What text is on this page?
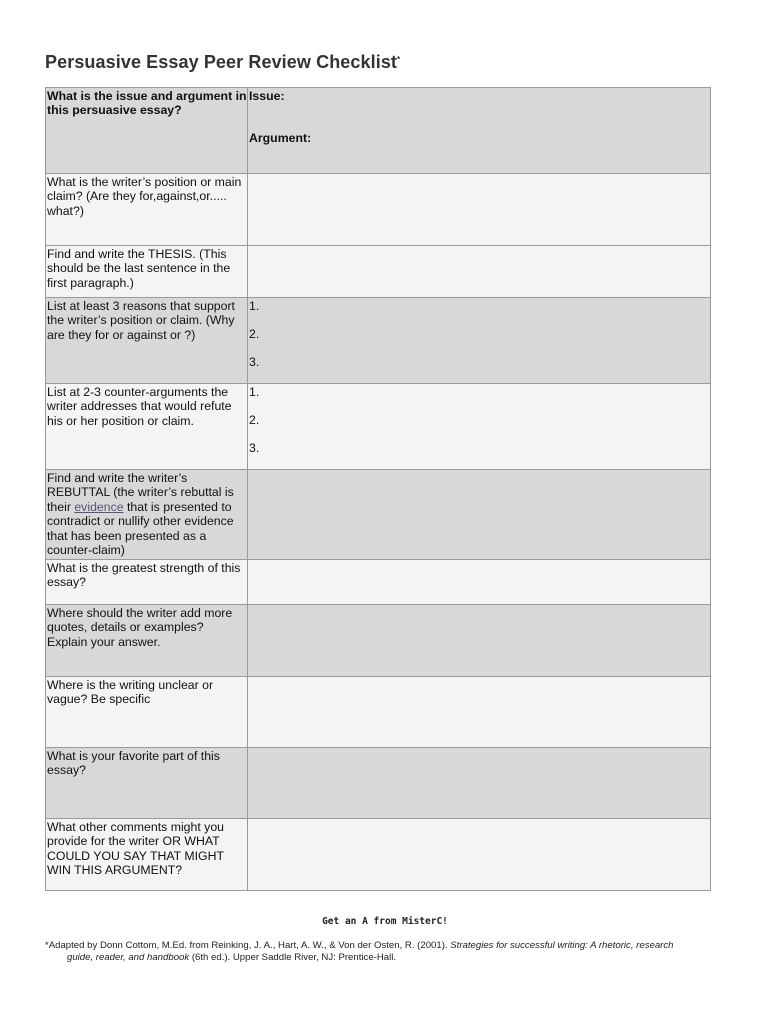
Persuasive Essay Peer Review Checklist*
What is the issue and argument in this persuasive essay?	Issue:
Argument:

What is the writer’s position or main claim? (Are they for,against,or..... what?)	
Find and write the THESIS. (This should be the last sentence in the first paragraph.)	
List at least 3 reasons that support the writer’s position or claim. (Why are they for or against or ?)	1.
2.
3.

List at 2-3 counter-arguments the writer addresses that would refute his or her position or claim.	1.
2.
3.

Find and write the writer’s REBUTTAL (the writer’s rebuttal is their evidence that is presented to contradict or nullify other evidence that has been presented as a counter-claim)	
What is the greatest strength of this essay?	
Where should the writer add more quotes, details or examples? Explain your answer.	
Where is the writing unclear or vague? Be specific	
What is your favorite part of this essay?	
What other comments might you provide for the writer OR WHAT COULD YOU SAY THAT MIGHT WIN THIS ARGUMENT?	
Get an A from MisterC!
*Adapted by Donn Cottom, M.Ed. from Reinking, J. A., Hart, A. W., & Von der Osten, R. (2001). Strategies for successful writing: A rhetoric, research
guide, reader, and handbook (6th ed.). Upper Saddle River, NJ: Prentice-Hall.
